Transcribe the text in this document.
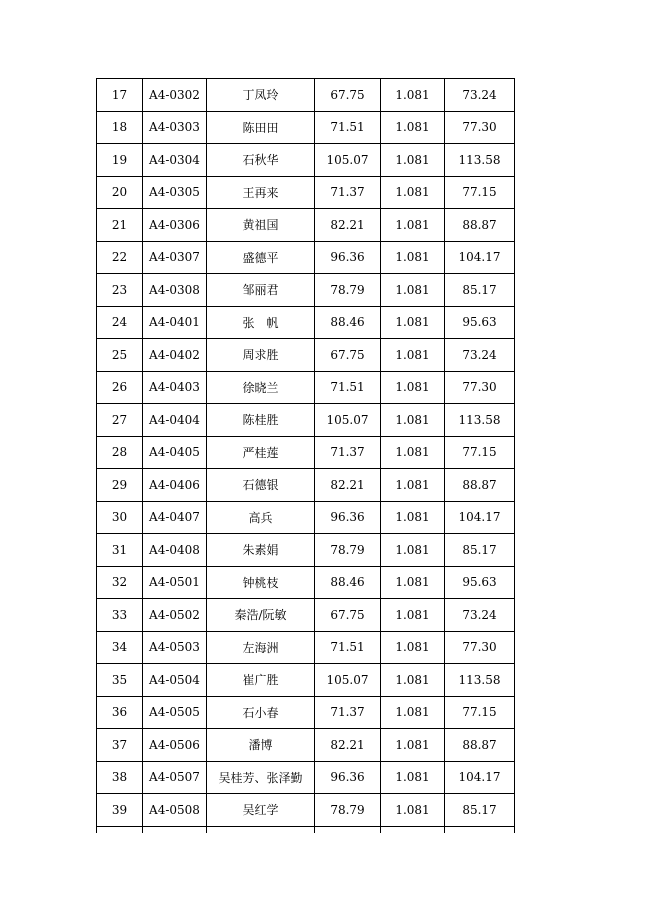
17	A4-0302	丁凤玲	67.75	1.081	73.24
18	A4-0303	陈田田	71.51	1.081	77.30
19	A4-0304	石秋华	105.07	1.081	113.58
20	A4-0305	王再来	71.37	1.081	77.15
21	A4-0306	黄祖国	82.21	1.081	88.87
22	A4-0307	盛德平	96.36	1.081	104.17
23	A4-0308	邹丽君	78.79	1.081	85.17
24	A4-0401	张　帆	88.46	1.081	95.63
25	A4-0402	周求胜	67.75	1.081	73.24
26	A4-0403	徐晓兰	71.51	1.081	77.30
27	A4-0404	陈桂胜	105.07	1.081	113.58
28	A4-0405	严桂莲	71.37	1.081	77.15
29	A4-0406	石德银	82.21	1.081	88.87
30	A4-0407	高兵	96.36	1.081	104.17
31	A4-0408	朱素娟	78.79	1.081	85.17
32	A4-0501	钟桃枝	88.46	1.081	95.63
33	A4-0502	秦浩/阮敏	67.75	1.081	73.24
34	A4-0503	左海洲	71.51	1.081	77.30
35	A4-0504	崔广胜	105.07	1.081	113.58
36	A4-0505	石小春	71.37	1.081	77.15
37	A4-0506	潘博	82.21	1.081	88.87
38	A4-0507	吴桂芳、张泽勤	96.36	1.081	104.17
39	A4-0508	吴红学	78.79	1.081	85.17
